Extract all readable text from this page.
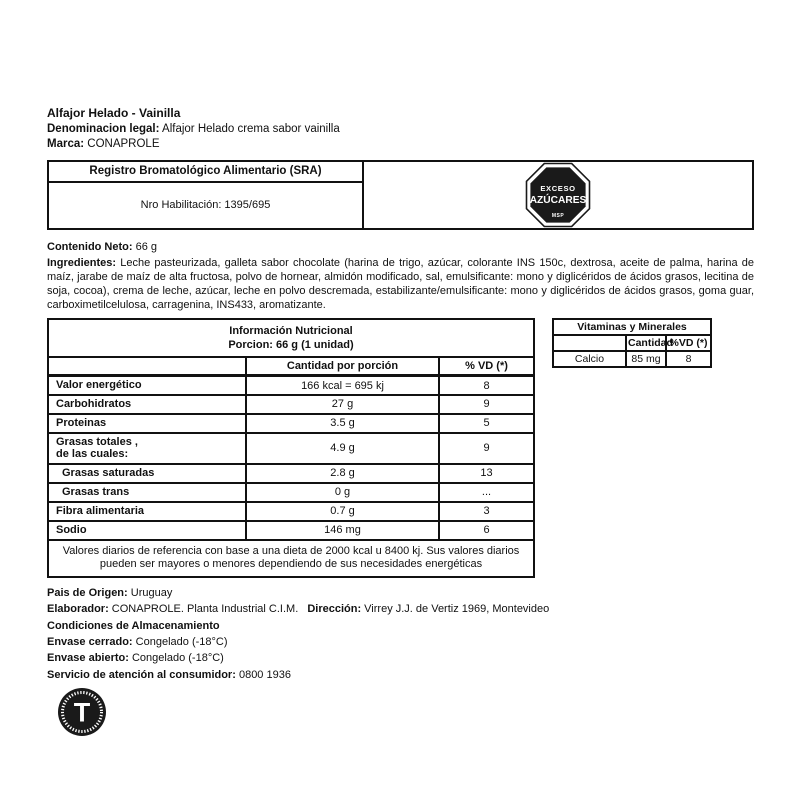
Alfajor Helado - Vainilla
Denominacion legal: Alfajor Helado crema sabor vainilla
Marca: CONAPROLE
Registro Bromatológico Alimentario (SRA)
Nro Habilitación: 1395/695
EXCESO
AZÚCARES
MSP
Contenido Neto: 66 g
Ingredientes: Leche pasteurizada, galleta sabor chocolate (harina de trigo, azúcar, colorante INS 150c, dextrosa, aceite de palma, harina de maíz, jarabe de maíz de alta fructosa, polvo de hornear, almidón modificado, sal, emulsificante: mono y diglicéridos de ácidos grasos, lecitina de soja, cocoa), crema de leche, azúcar, leche en polvo descremada, estabilizante/emulsificante: mono y diglicéridos de ácidos grasos, goma guar, carboximetilcelulosa, carragenina, INS433, aromatizante.
Información Nutricional
Porcion: 66 g (1 unidad)		

	Cantidad por porción	% VD (*)
Valor energético	166 kcal = 695 kj	8
Carbohidratos	27 g	9
Proteinas	3.5 g	5

Grasas totales ,
de las cuales:	4.9 g	9
Grasas saturadas	2.8 g	13
Grasas trans	0 g	...
Fibra alimentaria	0.7 g	3
Sodio	146 mg	6
Valores diarios de referencia con base a una dieta de 2000 kcal u 8400 kj. Sus valores diarios pueden ser mayores o menores dependiendo de sus necesidades energéticas		
Vitaminas y Minerales		
	Cantidad	%VD (*)
Calcio	85 mg	8
Pais de Origen: Uruguay
Elaborador: CONAPROLE. Planta Industrial C.I.M. Dirección: Virrey J.J. de Vertiz 1969, Montevideo
Condiciones de Almacenamiento
Envase cerrado: Congelado (-18°C)
Envase abierto: Congelado (-18°C)
Servicio de atención al consumidor: 0800 1936
T
